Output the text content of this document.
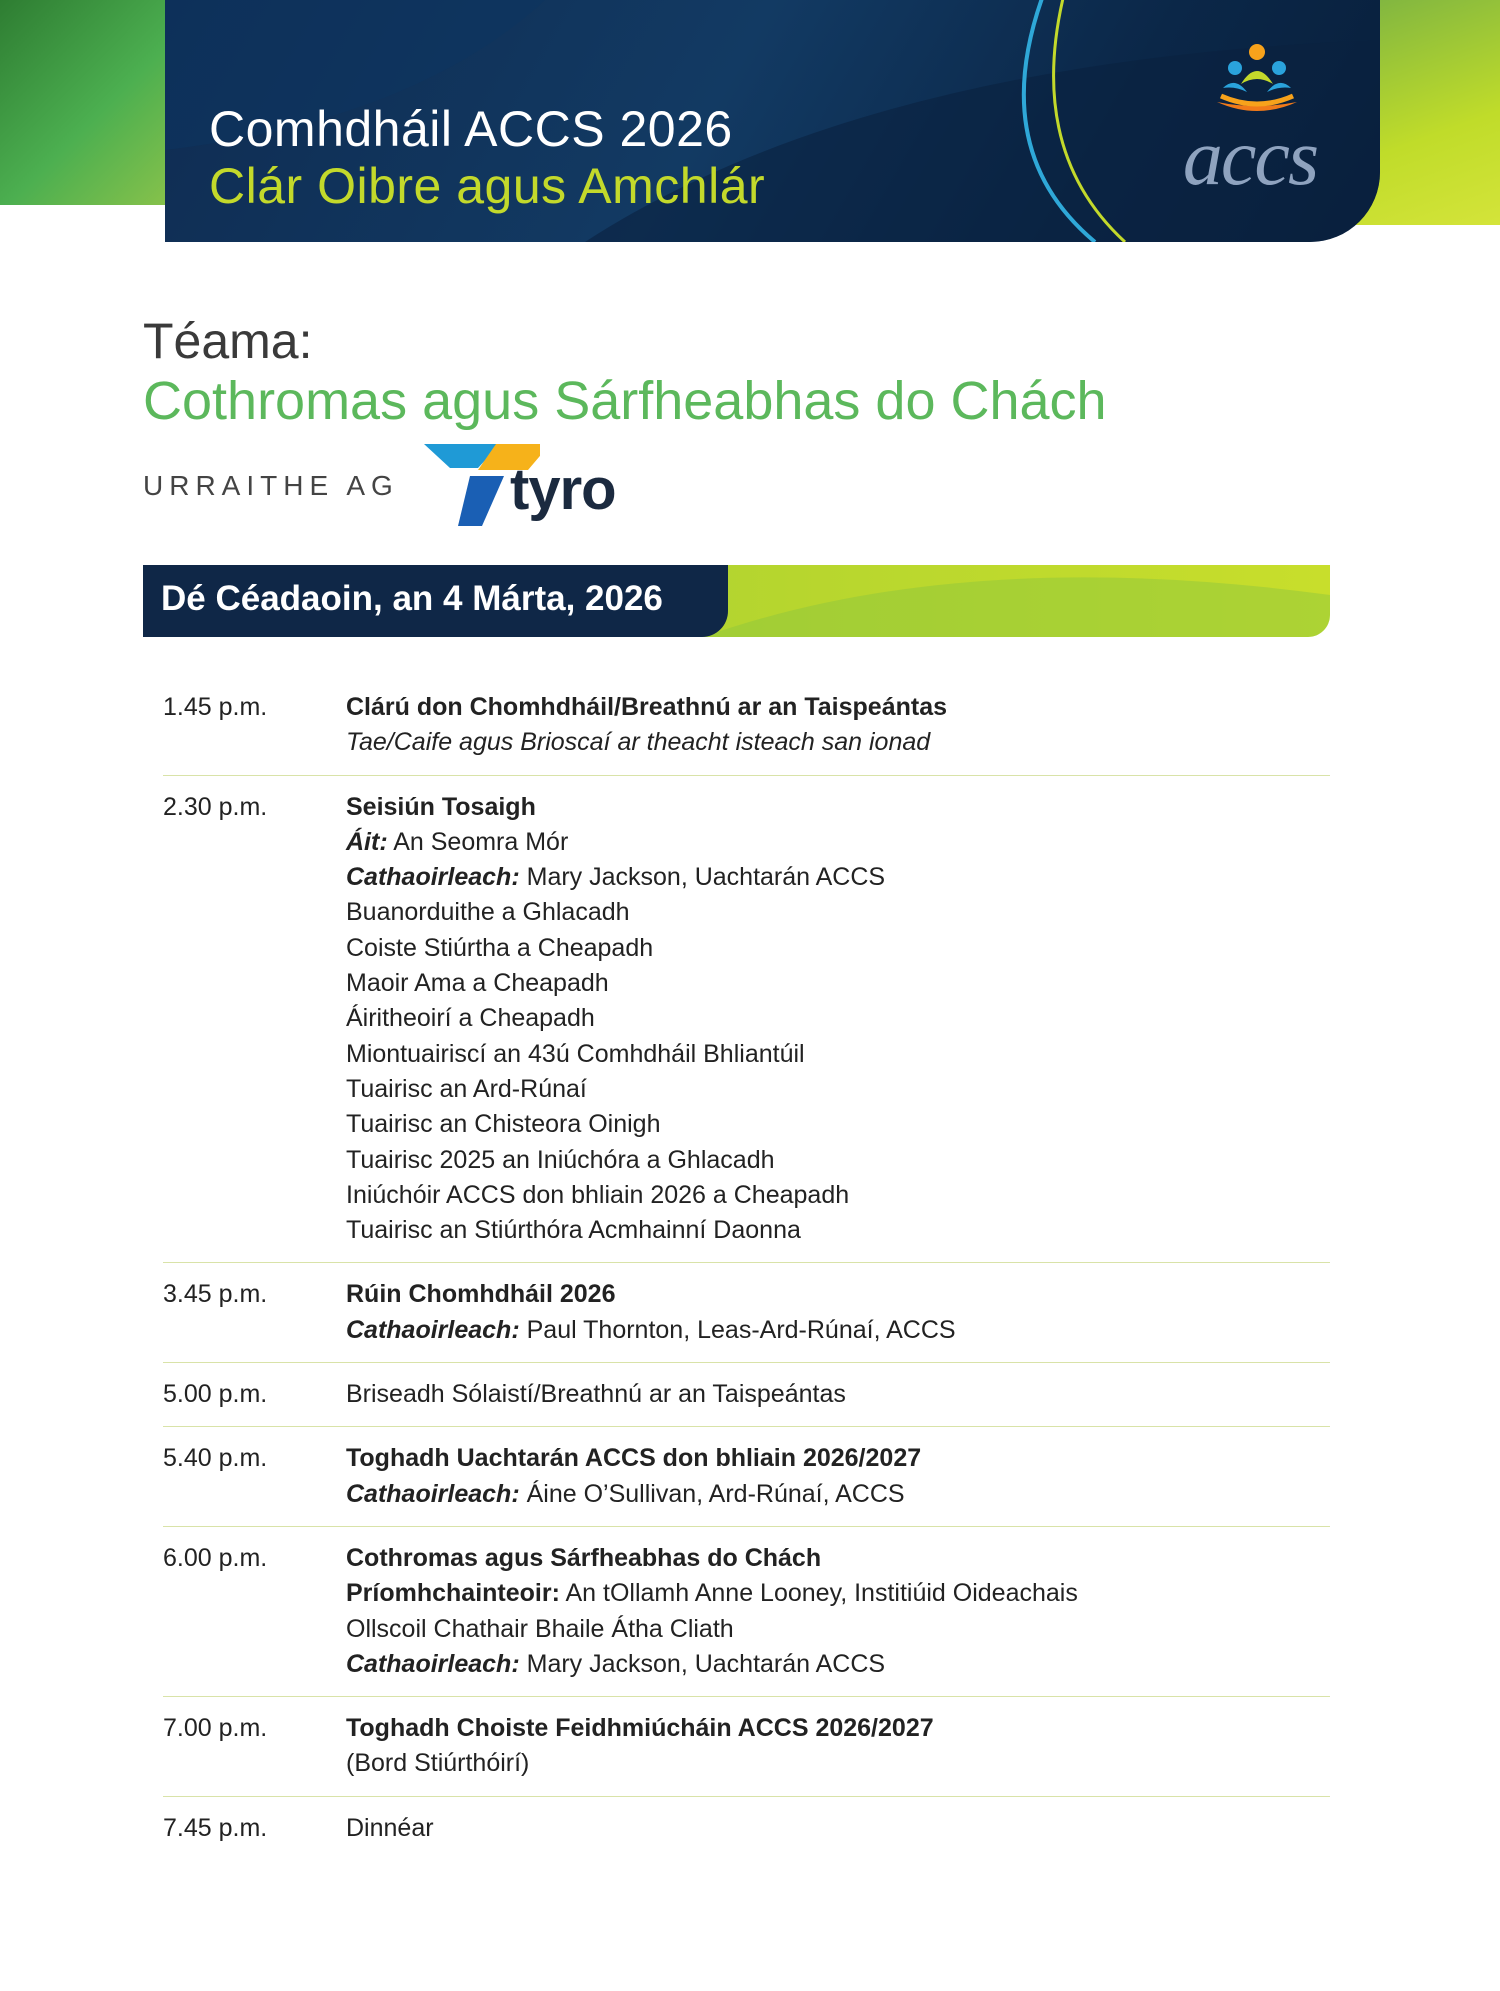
Comhdháil ACCS 2026
Clár Oibre agus Amchlár	accs
Téama:
Cothromas agus Sárfheabhas do Chách
URRAITHE AG tyro
Dé Céadaoin, an 4 Márta, 2026
1.45 p.m.	Clárú don Chomhdháil/Breathnú ar an Taispeántas
Tae/Caife agus Brioscaí ar theacht isteach san ionad
2.30 p.m.	Seisiún Tosaigh
Áit: An Seomra Mór
Cathaoirleach: Mary Jackson, Uachtarán ACCS
Buanorduithe a Ghlacadh
Coiste Stiúrtha a Cheapadh
Maoir Ama a Cheapadh
Áiritheoirí a Cheapadh
Miontuairiscí an 43ú Comhdháil Bhliantúil
Tuairisc an Ard-Rúnaí
Tuairisc an Chisteora Oinigh
Tuairisc 2025 an Iniúchóra a Ghlacadh
Iniúchóir ACCS don bhliain 2026 a Cheapadh
Tuairisc an Stiúrthóra Acmhainní Daonna
3.45 p.m.	Rúin Chomhdháil 2026
Cathaoirleach: Paul Thornton, Leas-Ard-Rúnaí, ACCS
5.00 p.m.	Briseadh Sólaistí/Breathnú ar an Taispeántas
5.40 p.m.	Toghadh Uachtarán ACCS don bhliain 2026/2027
Cathaoirleach: Áine O’Sullivan, Ard-Rúnaí, ACCS
6.00 p.m.	Cothromas agus Sárfheabhas do Chách
Príomhchainteoir: An tOllamh Anne Looney, Institiúid Oideachais
Ollscoil Chathair Bhaile Átha Cliath
Cathaoirleach: Mary Jackson, Uachtarán ACCS
7.00 p.m.	Toghadh Choiste Feidhmiúcháin ACCS 2026/2027
(Bord Stiúrthóirí)
7.45 p.m.	Dinnéar
